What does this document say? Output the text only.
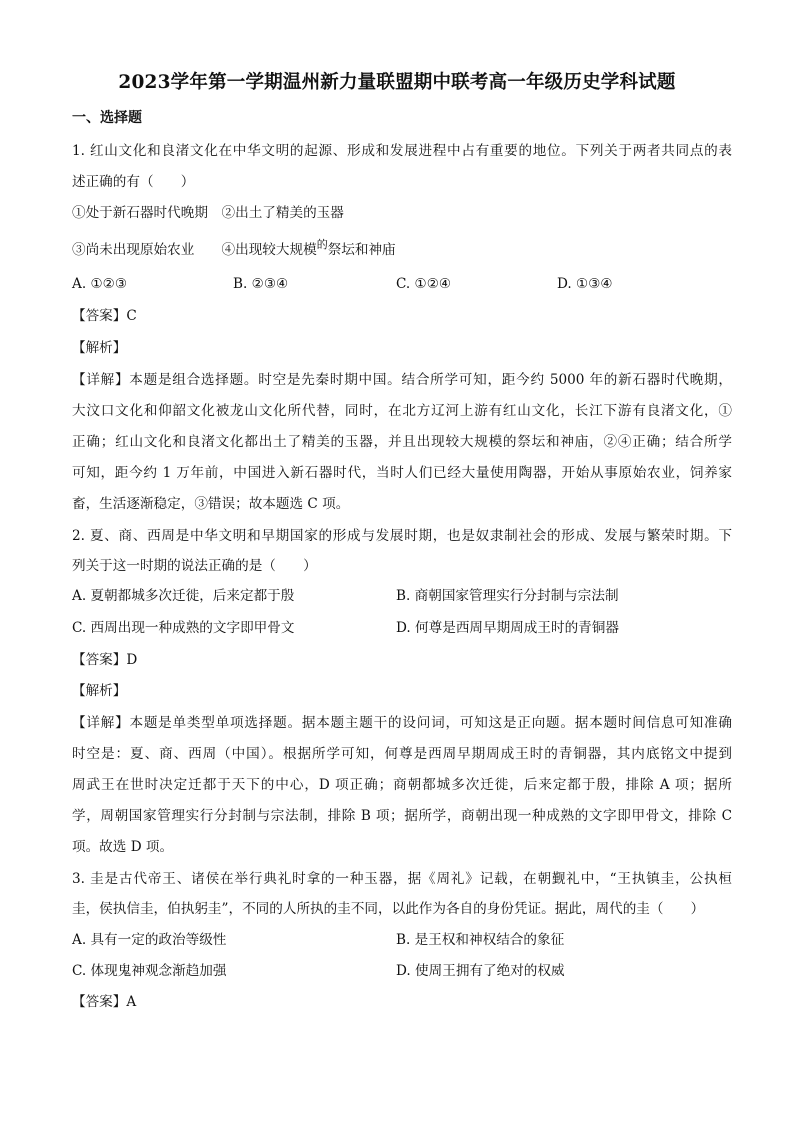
2023学年第一学期温州新力量联盟期中联考高一年级历史学科试题
一、选择题
1. 红山文化和良渚文化在中华文明的起源、形成和发展进程中占有重要的地位。下列关于两者共同点的表
述正确的有（　　）
①处于新石器时代晚期　②出土了精美的玉器
③尚未出现原始农业　　④出现较大规模$^的$祭坛和神庙
A. ①②③	B. ②③④	C. ①②④	D. ①③④
【答案】C
【解析】
【详解】本题是组合选择题。时空是先秦时期中国。结合所学可知，距今约 5000 年的新石器时代晚期，
大汶口文化和仰韶文化被龙山文化所代替，同时，在北方辽河上游有红山文化，长江下游有良渚文化，①
正确；红山文化和良渚文化都出土了精美的玉器，并且出现较大规模的祭坛和神庙，②④正确；结合所学
可知，距今约 1 万年前，中国进入新石器时代，当时人们已经大量使用陶器，开始从事原始农业，饲养家
畜，生活逐渐稳定，③错误；故本题选 C 项。
2. 夏、商、西周是中华文明和早期国家的形成与发展时期，也是奴隶制社会的形成、发展与繁荣时期。下
列关于这一时期的说法正确的是（　　）
A. 夏朝都城多次迁徙，后来定都于殷	B. 商朝国家管理实行分封制与宗法制
C. 西周出现一种成熟的文字即甲骨文	D. 何尊是西周早期周成王时的青铜器
【答案】D
【解析】
【详解】本题是单类型单项选择题。据本题主题干的设问词，可知这是正向题。据本题时间信息可知准确
时空是：夏、商、西周（中国）。根据所学可知，何尊是西周早期周成王时的青铜器，其内底铭文中提到
周武王在世时决定迁都于天下的中心，D 项正确；商朝都城多次迁徙，后来定都于殷，排除 A 项；据所
学，周朝国家管理实行分封制与宗法制，排除 B 项；据所学，商朝出现一种成熟的文字即甲骨文，排除 C
项。故选 D 项。
3. 圭是古代帝王、诸侯在举行典礼时拿的一种玉器，据《周礼》记载，在朝觐礼中，“王执镇圭，公执桓
圭，侯执信圭，伯执躬圭”，不同的人所执的圭不同，以此作为各自的身份凭证。据此，周代的圭（　　）
A. 具有一定的政治等级性	B. 是王权和神权结合的象征
C. 体现鬼神观念渐趋加强	D. 使周王拥有了绝对的权威
【答案】A
